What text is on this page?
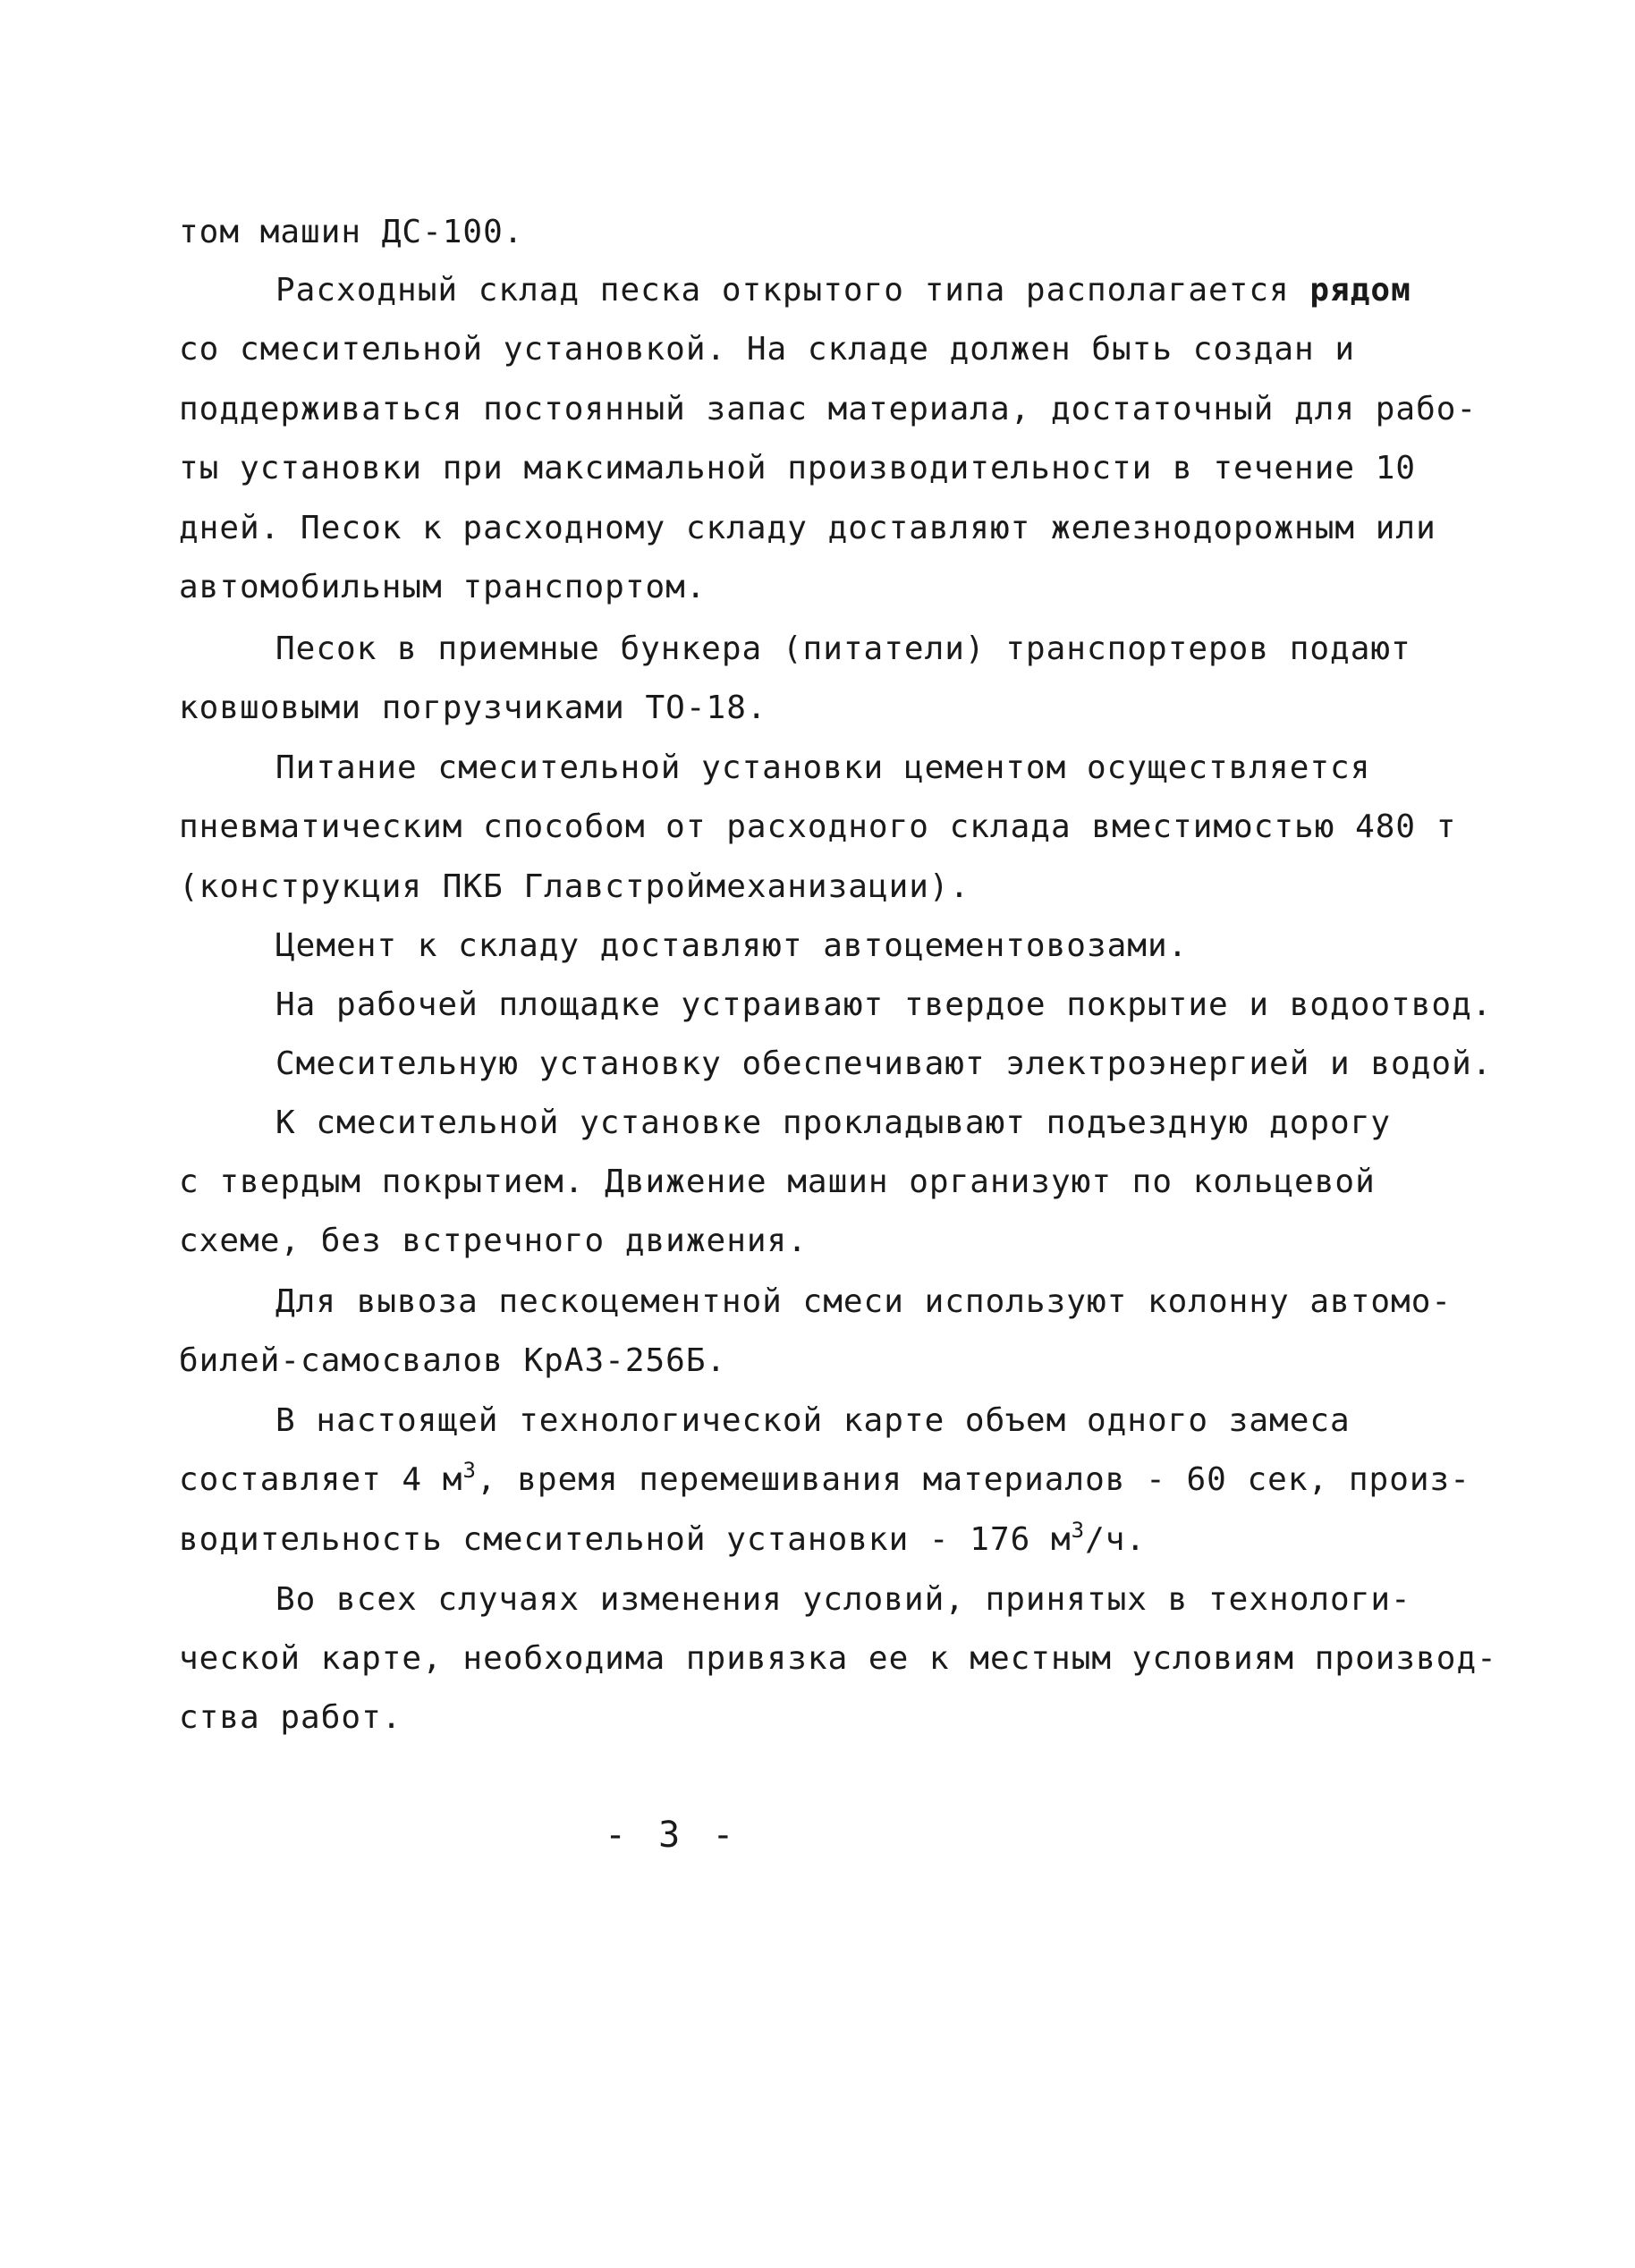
том машин ДС-100.
Расходный склад песка открытого типа располагается рядом
со смесительной установкой. На складе должен быть создан и
поддерживаться постоянный запас материала, достаточный для рабо-
ты установки при максимальной производительности в течение 10
дней. Песок к расходному складу доставляют железнодорожным или
автомобильным транспортом.
Песок в приемные бункера (питатели) транспортеров подают
ковшовыми погрузчиками ТО-18.
Питание смесительной установки цементом осуществляется
пневматическим способом от расходного склада вместимостью 480 т
(конструкция ПКБ Главстроймеханизации).
Цемент к складу доставляют автоцементовозами.
На рабочей площадке устраивают твердое покрытие и водоотвод.
Смесительную установку обеспечивают электроэнергией и водой.
К смесительной установке прокладывают подъездную дорогу
с твердым покрытием. Движение машин организуют по кольцевой
схеме, без встречного движения.
Для вывоза пескоцементной смеси используют колонну автомо-
билей-самосвалов КрАЗ-256Б.
В настоящей технологической карте объем одного замеса
составляет 4 $м^3$, время перемешивания материалов - 60 сек, произ-
водительность смесительной установки - 176 $м^3/ч$.
Во всех случаях изменения условий, принятых в технологи-
ческой карте, необходима привязка ее к местным условиям производ-
ства работ.
- 3 -
